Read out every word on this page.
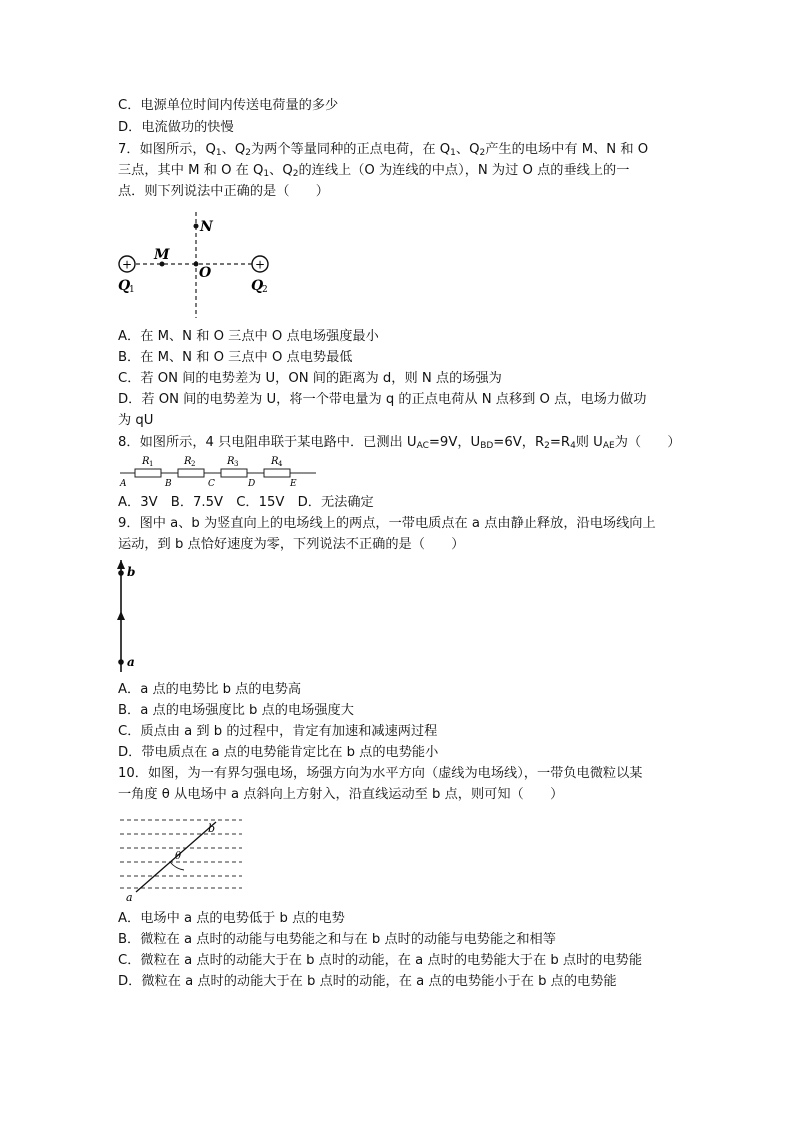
C．电源单位时间内传送电荷量的多少
D．电流做功的快慢
7．如图所示，$Q_1$、$Q_2$为两个等量同种的正点电荷，在 $Q_1$、$Q_2$产生的电场中有 M、N 和 O
三点，其中 M 和 O 在 $Q_1$、$Q_2$的连线上（O 为连线的中点），N 为过 O 点的垂线上的一
点．则下列说法中正确的是（　　）
+	+
N
M
O
Q
1	Q
2
A．在 M、N 和 O 三点中 O 点电场强度最小
B．在 M、N 和 O 三点中 O 点电势最低
C．若 ON 间的电势差为 U，ON 间的距离为 d，则 N 点的场强为
D．若 ON 间的电势差为 U，将一个带电量为 q 的正点电荷从 N 点移到 O 点，电场力做功
为 qU
8．如图所示，4 只电阻串联于某电路中．已测出 $U_{AC}=9V$，$U_{BD}=6V$，$R_2=R_4$则 $U_{AE}$为（　　）
R 1	R 2	R 3	R 4
A	B	C	D	E
A．3V　B．7.5V　C．15V　D．无法确定
9．图中 a、b 为竖直向上的电场线上的两点，一带电质点在 a 点由静止释放，沿电场线向上
运动，到 b 点恰好速度为零，下列说法不正确的是（　　）
b
a
A．a 点的电势比 b 点的电势高
B．a 点的电场强度比 b 点的电场强度大
C．质点由 a 到 b 的过程中，肯定有加速和减速两过程
D．带电质点在 a 点的电势能肯定比在 b 点的电势能小
10．如图，为一有界匀强电场，场强方向为水平方向（虚线为电场线），一带负电微粒以某
一角度 θ 从电场中 a 点斜向上方射入，沿直线运动至 b 点，则可知（　　）
θ
b
a
A．电场中 a 点的电势低于 b 点的电势
B．微粒在 a 点时的动能与电势能之和与在 b 点时的动能与电势能之和相等
C．微粒在 a 点时的动能大于在 b 点时的动能，在 a 点时的电势能大于在 b 点时的电势能
D．微粒在 a 点时的动能大于在 b 点时的动能，在 a 点的电势能小于在 b 点的电势能
